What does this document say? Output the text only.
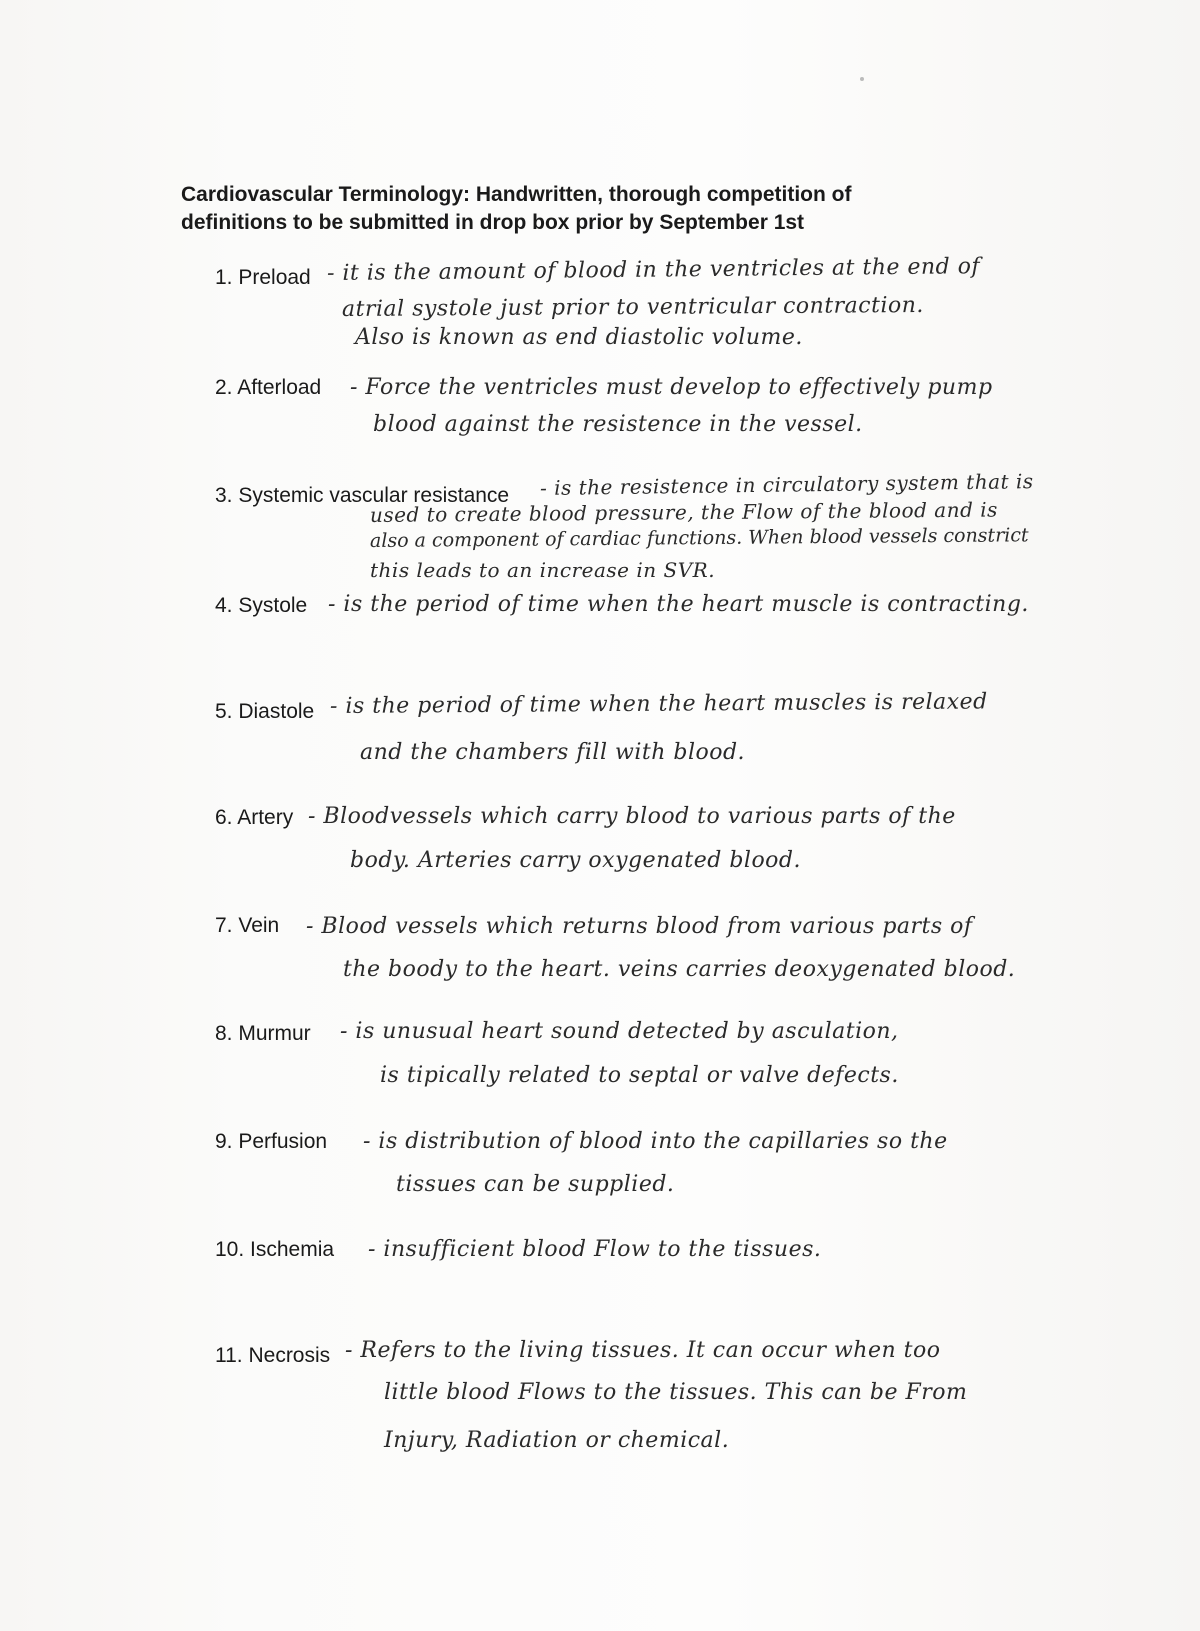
Cardiovascular Terminology: Handwritten, thorough competition of
definitions to be submitted in drop box prior by September 1st
1. Preload - it is the amount of blood in the ventricles at the end of
atrial systole just prior to ventricular contraction.
Also is known as end diastolic volume.
2. Afterload - Force the ventricles must develop to effectively pump
blood against the resistence in the vessel.
3. Systemic vascular resistance - is the resistence in circulatory system that is
used to create blood pressure, the Flow of the blood and is
also a component of cardiac functions. When blood vessels constrict
this leads to an increase in SVR.
4. Systole - is the period of time when the heart muscle is contracting.
5. Diastole - is the period of time when the heart muscles is relaxed
and the chambers fill with blood.
6. Artery - Bloodvessels which carry blood to various parts of the
body. Arteries carry oxygenated blood.
7. Vein - Blood vessels which returns blood from various parts of
the boody to the heart. veins carries deoxygenated blood.
8. Murmur - is unusual heart sound detected by asculation,
is tipically related to septal or valve defects.
9. Perfusion - is distribution of blood into the capillaries so the
tissues can be supplied.
10. Ischemia - insufficient blood Flow to the tissues.
11. Necrosis - Refers to the living tissues. It can occur when too
little blood Flows to the tissues. This can be From
Injury, Radiation or chemical.
